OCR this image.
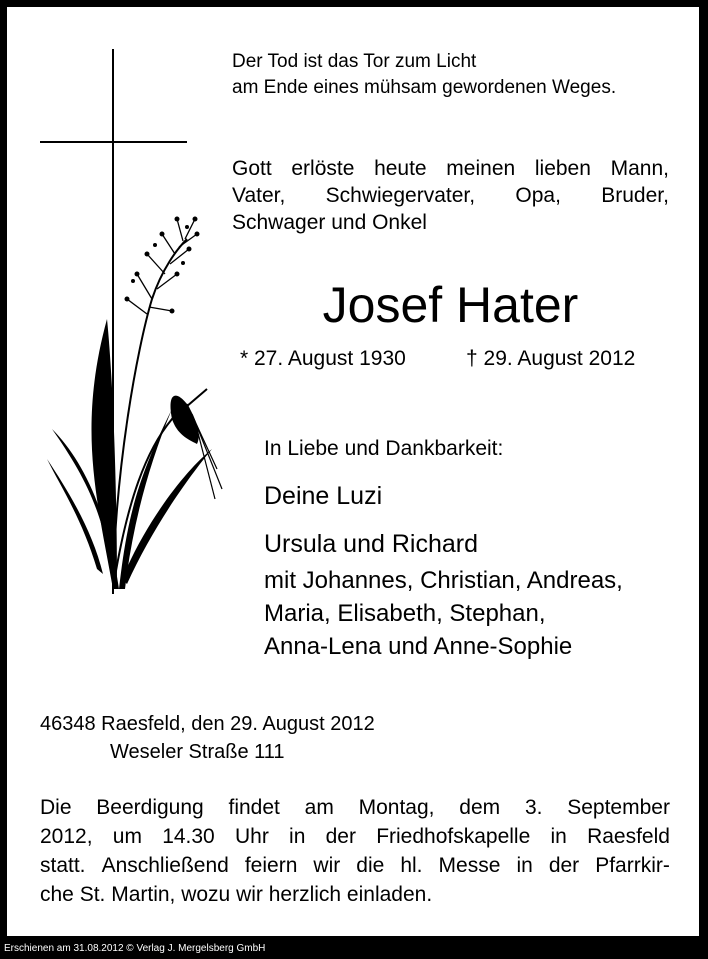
Der Tod ist das Tor zum Licht
am Ende eines mühsam gewordenen Weges.
Gott erlöste heute meinen lieben Mann,
Vater, Schwiegervater, Opa, Bruder,
Schwager und Onkel
Josef Hater
* 27. August 1930	† 29. August 2012
In Liebe und Dankbarkeit:
Deine Luzi
Ursula und Richard
mit Johannes, Christian, Andreas,
Maria, Elisabeth, Stephan,
Anna-Lena und Anne-Sophie
46348 Raesfeld, den 29. August 2012
Weseler Straße 111
Die Beerdigung findet am Montag, dem 3. September
2012, um 14.30 Uhr in der Friedhofskapelle in Raesfeld
statt. Anschließend feiern wir die hl. Messe in der Pfarrkir-
che St. Martin, wozu wir herzlich einladen.
Erschienen am 31.08.2012 © Verlag J. Mergelsberg GmbH
